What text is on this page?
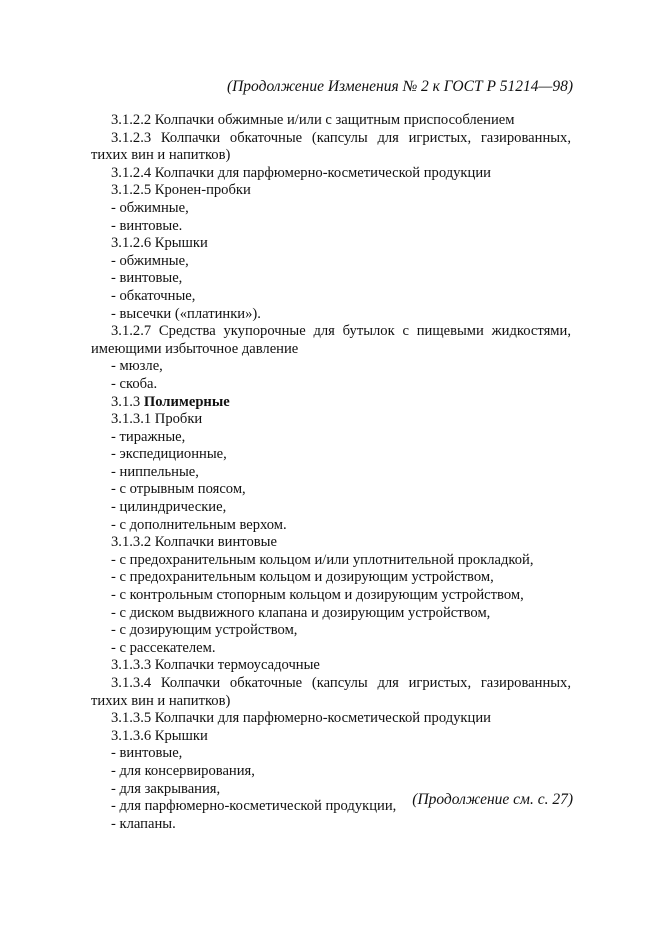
(Продолжение Изменения № 2 к ГОСТ Р 51214—98)
3.1.2.2 Колпачки обжимные и/или с защитным приспособлением
3.1.2.3 Колпачки обкаточные (капсулы для игристых, газированных,
тихих вин и напитков)
3.1.2.4 Колпачки для парфюмерно-косметической продукции
3.1.2.5 Кронен-пробки
- обжимные,
- винтовые.
3.1.2.6 Крышки
- обжимные,
- винтовые,
- обкаточные,
- высечки («платинки»).
3.1.2.7 Средства укупорочные для бутылок с пищевыми жидкостями,
имеющими избыточное давление
- мюзле,
- скоба.
3.1.3 Полимерные
3.1.3.1 Пробки
- тиражные,
- экспедиционные,
- ниппельные,
- с отрывным поясом,
- цилиндрические,
- с дополнительным верхом.
3.1.3.2 Колпачки винтовые
- с предохранительным кольцом и/или уплотнительной прокладкой,
- с предохранительным кольцом и дозирующим устройством,
- с контрольным стопорным кольцом и дозирующим устройством,
- с диском выдвижного клапана и дозирующим устройством,
- с дозирующим устройством,
- с рассекателем.
3.1.3.3 Колпачки термоусадочные
3.1.3.4 Колпачки обкаточные (капсулы для игристых, газированных,
тихих вин и напитков)
3.1.3.5 Колпачки для парфюмерно-косметической продукции
3.1.3.6 Крышки
- винтовые,
- для консервирования,
- для закрывания,
- для парфюмерно-косметической продукции,
- клапаны.
(Продолжение см. с. 27)
